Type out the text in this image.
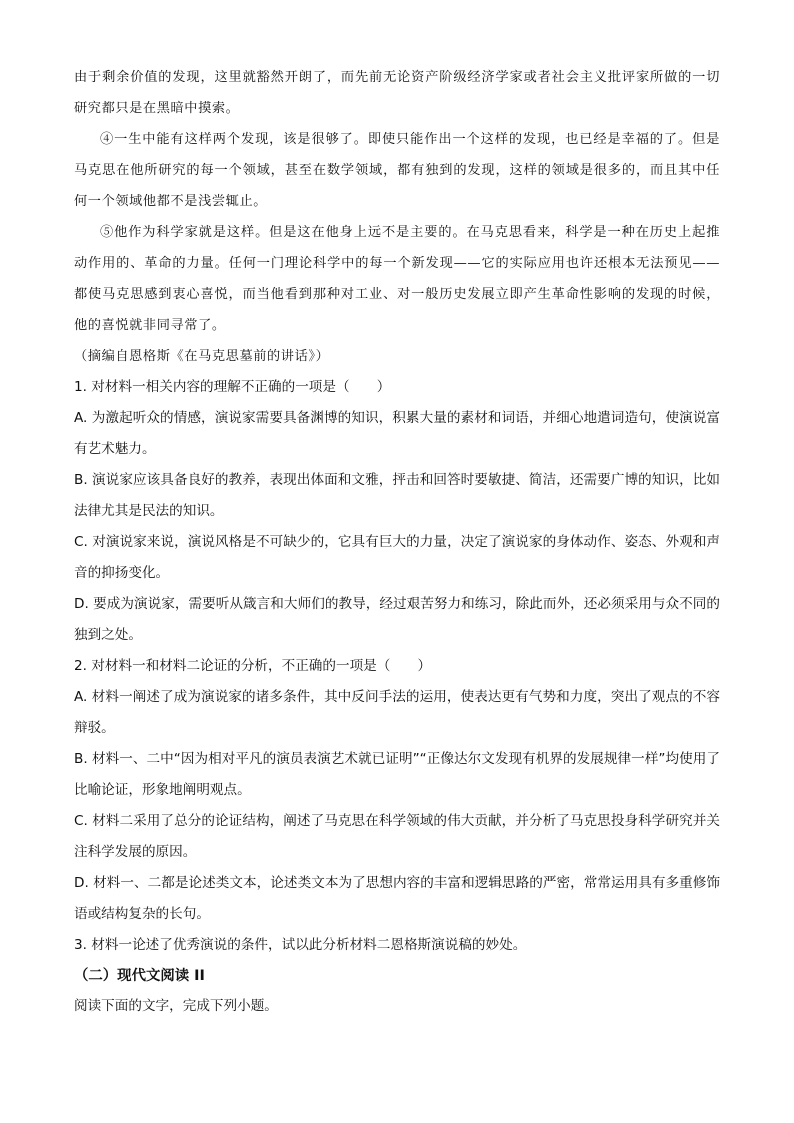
由于剩余价值的发现，这里就豁然开朗了，而先前无论资产阶级经济学家或者社会主义批评家所做的一切研究都只是在黑暗中摸索。

④一生中能有这样两个发现，该是很够了。即使只能作出一个这样的发现，也已经是幸福的了。但是马克思在他所研究的每一个领域，甚至在数学领域，都有独到的发现，这样的领域是很多的，而且其中任何一个领域他都不是浅尝辄止。

⑤他作为科学家就是这样。但是这在他身上远不是主要的。在马克思看来，科学是一种在历史上起推动作用的、革命的力量。任何一门理论科学中的每一个新发现——它的实际应用也许还根本无法预见——都使马克思感到衷心喜悦，而当他看到那种对工业、对一般历史发展立即产生革命性影响的发现的时候，他的喜悦就非同寻常了。

（摘编自恩格斯《在马克思墓前的讲话》）

1. 对材料一相关内容的理解不正确的一项是（　　）

A. 为激起听众的情感，演说家需要具备渊博的知识，积累大量的素材和词语，并细心地遣词造句，使演说富有艺术魅力。

B. 演说家应该具备良好的教养，表现出体面和文雅，抨击和回答时要敏捷、简洁，还需要广博的知识，比如法律尤其是民法的知识。

C. 对演说家来说，演说风格是不可缺少的，它具有巨大的力量，决定了演说家的身体动作、姿态、外观和声音的抑扬变化。

D. 要成为演说家，需要听从箴言和大师们的教导，经过艰苦努力和练习，除此而外，还必须采用与众不同的独到之处。

2. 对材料一和材料二论证的分析，不正确的一项是（　　）

A. 材料一阐述了成为演说家的诸多条件，其中反问手法的运用，使表达更有气势和力度，突出了观点的不容辩驳。

B. 材料一、二中“因为相对平凡的演员表演艺术就已证明”“正像达尔文发现有机界的发展规律一样”均使用了比喻论证，形象地阐明观点。

C. 材料二采用了总分的论证结构，阐述了马克思在科学领域的伟大贡献，并分析了马克思投身科学研究并关注科学发展的原因。

D. 材料一、二都是论述类文本，论述类文本为了思想内容的丰富和逻辑思路的严密，常常运用具有多重修饰语或结构复杂的长句。

3. 材料一论述了优秀演说的条件，试以此分析材料二恩格斯演说稿的妙处。

（二）现代文阅读 II

阅读下面的文字，完成下列小题。
